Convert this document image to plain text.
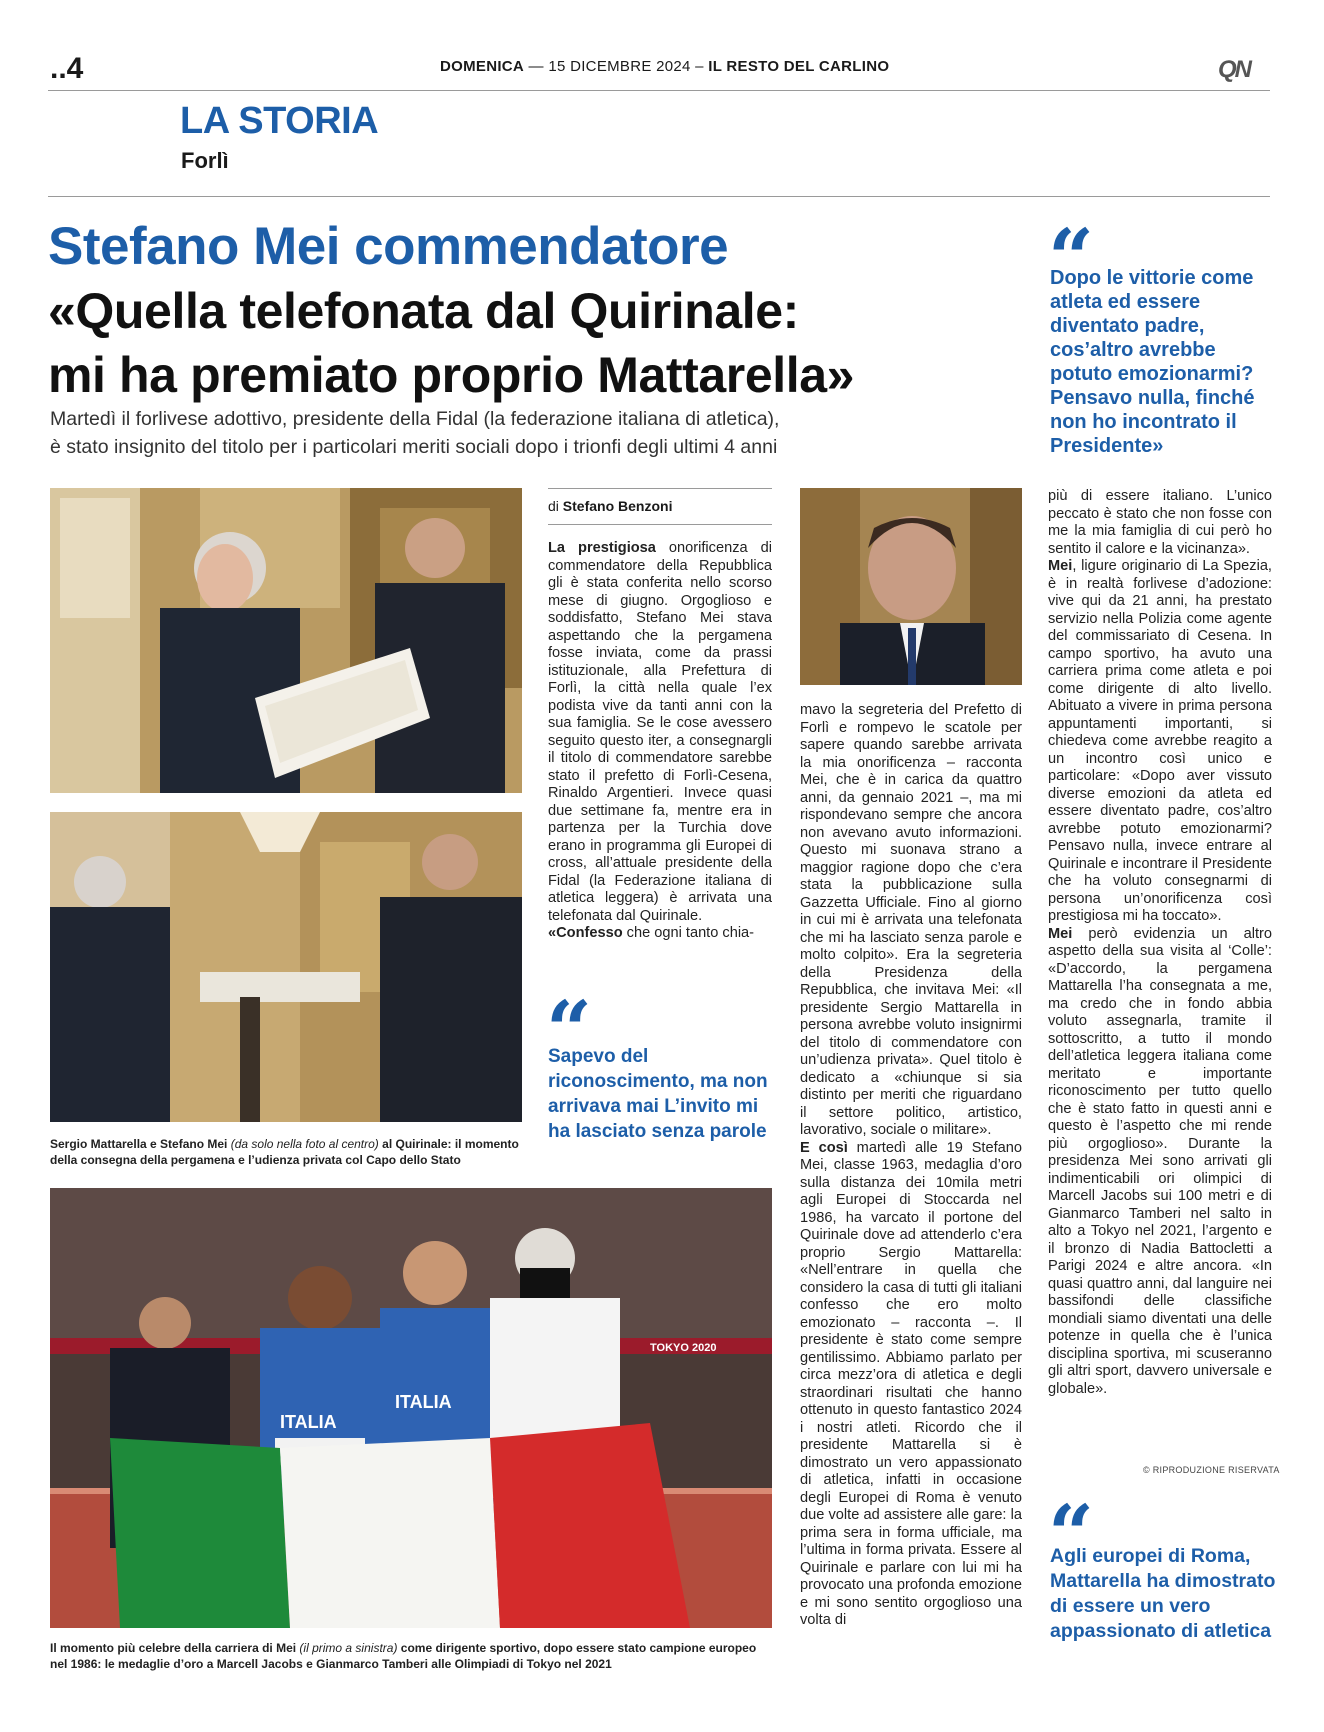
..4	DOMENICA — 15 DICEMBRE 2024 – IL RESTO DEL CARLINO	QN
LA STORIA
Forlì
Stefano Mei commendatore
«Quella telefonata dal Quirinale:
mi ha premiato proprio Mattarella»
Martedì il forlivese adottivo, presidente della Fidal (la federazione italiana di atletica),
è stato insignito del titolo per i particolari meriti sociali dopo i trionfi degli ultimi 4 anni
Dopo le vittorie come atleta ed essere diventato padre, cos’altro avrebbe potuto emozionarmi? Pensavo nulla, finché non ho incontrato il Presidente»
Sergio Mattarella e Stefano Mei (da solo nella foto al centro) al Quirinale: il momento della consegna della pergamena e l’udienza privata col Capo dello Stato
di Stefano Benzoni

La prestigiosa onorificenza di commendatore della Repubblica gli è stata conferita nello scorso mese di giugno. Orgoglioso e soddisfatto, Stefano Mei stava aspettando che la pergamena fosse inviata, come da prassi istituzionale, alla Prefettura di Forlì, la città nella quale l’ex podista vive da tanti anni con la sua famiglia. Se le cose avessero seguito questo iter, a consegnargli il titolo di commendatore sarebbe stato il prefetto di Forlì-Cesena, Rinaldo Argentieri. Invece quasi due settimane fa, mentre era in partenza per la Turchia dove erano in programma gli Europei di cross, all’attuale presidente della Fidal (la Federazione italiana di atletica leggera) è arrivata una telefonata dal Quirinale.

«Confesso che ogni tanto chia-

Sapevo del riconoscimento, ma non arrivava mai L’invito mi ha lasciato senza parole

mavo la segreteria del Prefetto di Forlì e rompevo le scatole per sapere quando sarebbe arrivata la mia onorificenza – racconta Mei, che è in carica da quattro anni, da gennaio 2021 –, ma mi rispondevano sempre che ancora non avevano avuto informazioni. Questo mi suonava strano a maggior ragione dopo che c’era stata la pubblicazione sulla Gazzetta Ufficiale. Fino al giorno in cui mi è arrivata una telefonata che mi ha lasciato senza parole e molto colpito». Era la segreteria della Presidenza della Repubblica, che invitava Mei: «Il presidente Sergio Mattarella in persona avrebbe voluto insignirmi del titolo di commendatore con un’udienza privata». Quel titolo è dedicato a «chiunque si sia distinto per meriti che riguardano il settore politico, artistico, lavorativo, sociale o militare».

E così martedì alle 19 Stefano Mei, classe 1963, medaglia d’oro sulla distanza dei 10mila metri agli Europei di Stoccarda nel 1986, ha varcato il portone del Quirinale dove ad attenderlo c’era proprio Sergio Mattarella: «Nell’entrare in quella che considero la casa di tutti gli italiani confesso che ero molto emozionato – racconta –. Il presidente è stato come sempre gentilissimo. Abbiamo parlato per circa mezz’ora di atletica e degli straordinari risultati che hanno ottenuto in questo fantastico 2024 i nostri atleti. Ricordo che il presidente Mattarella si è dimostrato un vero appassionato di atletica, infatti in occasione degli Europei di Roma è venuto due volte ad assistere alle gare: la prima sera in forma ufficiale, ma l’ultima in forma privata. Essere al Quirinale e parlare con lui mi ha provocato una profonda emozione e mi sono sentito orgoglioso una volta di

più di essere italiano. L’unico peccato è stato che non fosse con me la mia famiglia di cui però ho sentito il calore e la vicinanza».

Mei, ligure originario di La Spezia, è in realtà forlivese d’adozione: vive qui da 21 anni, ha prestato servizio nella Polizia come agente del commissariato di Cesena. In campo sportivo, ha avuto una carriera prima come atleta e poi come dirigente di alto livello. Abituato a vivere in prima persona appuntamenti importanti, si chiedeva come avrebbe reagito a un incontro così unico e particolare: «Dopo aver vissuto diverse emozioni da atleta ed essere diventato padre, cos’altro avrebbe potuto emozionarmi? Pensavo nulla, invece entrare al Quirinale e incontrare il Presidente che ha voluto consegnarmi di persona un’onorificenza così prestigiosa mi ha toccato».

Mei però evidenzia un altro aspetto della sua visita al ‘Colle’: «D’accordo, la pergamena Mattarella l’ha consegnata a me, ma credo che in fondo abbia voluto assegnarla, tramite il sottoscritto, a tutto il mondo dell’atletica leggera italiana come meritato e importante riconoscimento per tutto quello che è stato fatto in questi anni e questo è l’aspetto che mi rende più orgoglioso». Durante la presidenza Mei sono arrivati gli indimenticabili ori olimpici di Marcell Jacobs sui 100 metri e di Gianmarco Tamberi nel salto in alto a Tokyo nel 2021, l’argento e il bronzo di Nadia Battocletti a Parigi 2024 e altre ancora. «In quasi quattro anni, dal languire nei bassifondi delle classifiche mondiali siamo diventati una delle potenze in quella che è l’unica disciplina sportiva, mi scuseranno gli altri sport, davvero universale e globale».

© RIPRODUZIONE RISERVATA
Agli europei di Roma, Mattarella ha dimostrato di essere un vero appassionato di atletica
TOKYO 2020
ITALIA
ITALIA
Il momento più celebre della carriera di Mei (il primo a sinistra) come dirigente sportivo, dopo essere stato campione europeo nel 1986: le medaglie d’oro a Marcell Jacobs e Gianmarco Tamberi alle Olimpiadi di Tokyo nel 2021
